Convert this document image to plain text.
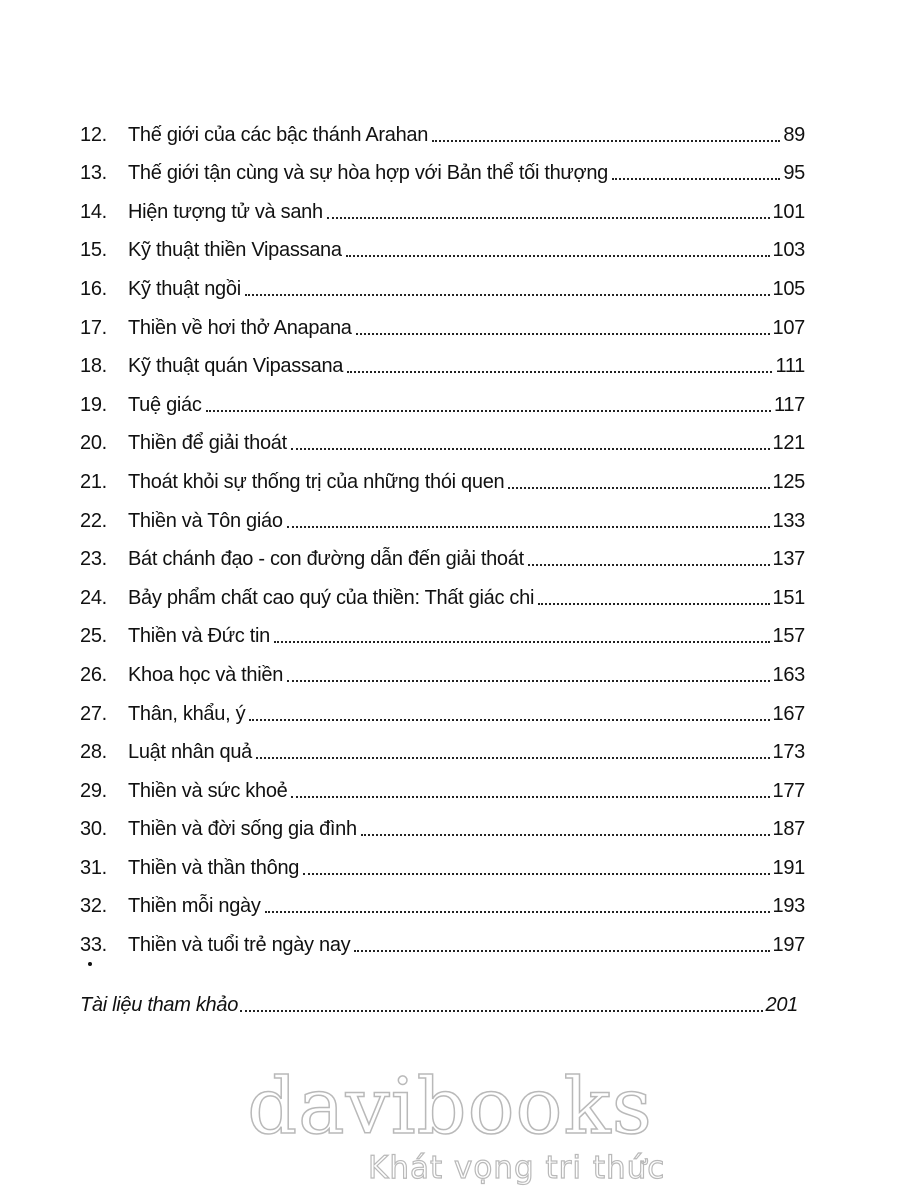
12.	Thế giới của các bậc thánh Arahan	89
13.	Thế giới tận cùng và sự hòa hợp với Bản thể tối thượng	95
14.	Hiện tượng tử và sanh	101
15.	Kỹ thuật thiền Vipassana	103
16.	Kỹ thuật ngồi	105
17.	Thiền về hơi thở Anapana	107
18.	Kỹ thuật quán Vipassana	111
19.	Tuệ giác	117
20.	Thiền để giải thoát	121
21.	Thoát khỏi sự thống trị của những thói quen	125
22.	Thiền và Tôn giáo	133
23.	Bát chánh đạo - con đường dẫn đến giải thoát	137
24.	Bảy phẩm chất cao quý của thiền: Thất giác chi	151
25.	Thiền và Đức tin	157
26.	Khoa học và thiền	163
27.	Thân, khẩu, ý	167
28.	Luật nhân quả	173
29.	Thiền và sức khoẻ	177
30.	Thiền và đời sống gia đình	187
31.	Thiền và thần thông	191
32.	Thiền mỗi ngày	193
33.	Thiền và tuổi trẻ ngày nay	197
Tài liệu tham khảo	201
davibooks
Khát vọng tri thức
